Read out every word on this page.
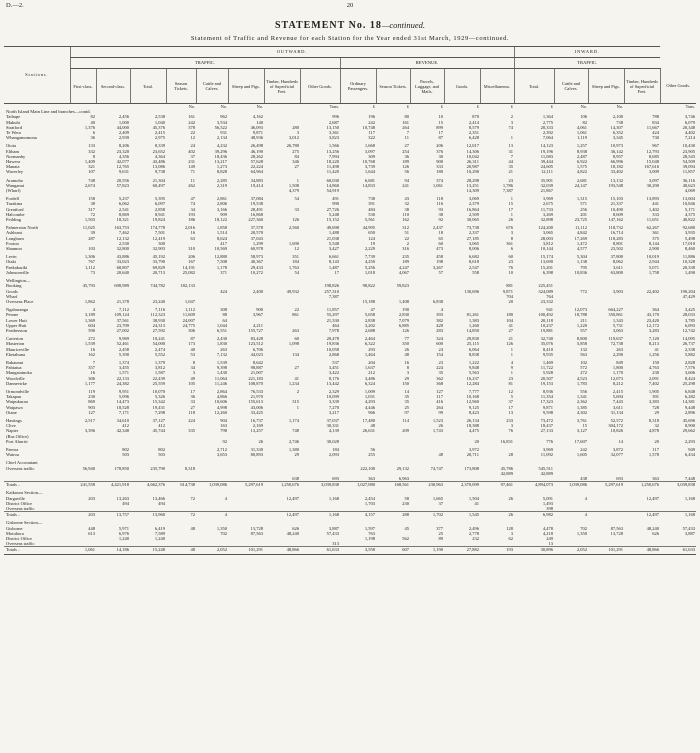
D.—2.	20
STATEMENT No. 18—continued.
Statement of Traffic and Revenue for each Station for the Year ended 31st March, 1929—continued.
Stations.	OUTWARD.													INWARD.				
	TRAFFIC.								REVENUE.					TRAFFIC.				
	First-class.	Second-class.	Total.	Season Tickets.	Cattle and Calves.	Sheep and Pigs.	Timber, Hundreds of Superficial Feet.	Other Goods.	Ordinary Passengers.	Season Tickets.	Parcels, Luggage, and Mails.	Goods.	Miscellaneous.	Total.	Cattle and Calves.	Sheep and Pigs.	Timber, Hundreds of Superficial Feet.	Other Goods.
				No.	No.	No.		Tons.	£	£	£	£	£	£	No.	No.		Tons.
North Island Main Line and branches—contd.																		
Taihape	82	2,456	2,538	161	962	4,162		996	196	80	10	870	2	1,364	106	2,100	788	3,746
Makuhi	40	1,000	1,040	242	3,534	140		2,687	242	161	15	2,414	3	2,775	82	738	834	6,079
Stratford	1,376	44,000	45,376	378	56,522	46,093	280	13,150	10,748	264	899	8,579	74	20,333	4,061	14,307	11,667	20,348
Te Wera	6	2,409	2,415	22	931	9,871	3	3,361	117	7	17	2,351		2,392	1,061	6,352	424	4,402
Whangamomona	36	2,939	2,975	12	2,134	48,936	3,012	3,823	322	11	87	6,428	1	7,064	1,119	3,345	730	7,214

Otoia	133	8,206	8,339	24	4,232	26,498	26,780	1,566	1,668	27	206	12,017	13	14,123	1,257	10,973	967	10,430
Eltham	332	23,320	23,652	402	39,296	46,190	275	13,256	3,097	254	376	14,306	31	19,196	8,938	36,142	12,793	23,905
Normanby	8	4,356	4,364	37	18,436	28,262	84	7,994	309	36	30	10,042	7	11,083	2,487	8,957	8,685	28,543
Hawera	1,409	42,077	43,486	231	13,217	57,628	346	18,220	10,768	189	900	26,311	44	39,444	6,922	66,996	15,048	54,509
Manaia	321	12,765	13,086	149	1,273	22,224	27	11,498	3,739	126	333	20,987	35	24,605	1,575	18,182	167,616	39,094
Waverley	107	9,631	9,738	71	8,828	64,964		11,420	1,644	56	180	10,290	21	12,111	4,822	33,402	3,009	11,857

Aramoho	748	20,556	21,304	11	2,285	34,883	1	60,030	6,681	94	374	28,298	23	35,901	2,681	13,132	3,097	36,116
Wanganui	2,674	57,823	60,497	262	2,319	19,414	1,508	14,860	14,833	241	1,061	13,251	1,786	32,039	24,147	193,548	30,290	40,623
(Wharf)							4,379	54,919				14,309	7,387	21,867				4,069

Fordell	158	5,237	5,395	47	2,861	37,084	54	491	738	43	118	3,069	1	3,969	1,315	15,103	13,893	13,604
Turakina	38	6,062	6,097	74	2,806	19,538		990	391	32	116	2,379	15	2,675	571	21,337	441	10,846
Greatford	317	2,541	2,858	34	3,166	28,491	33	27,726	484	38	93	16,864	17	11,733	256	10,490	1,402	5,171
Halcombe	72	8,869	8,941	193	909	16,868		5,248	530	110	38	2,509	1	3,269	201	8,609	333	4,375
Feilding	1,503	18,321	19,824	186	18,122	227,360	126	15,152	5,561	162	92	30,065	26	32,898	23,725	147,162	11,651	40,822

Palmerston North	11,025	163,753	174,778	2,016	1,858	37,578	2,560	49,698	44,995	312	2,437	73,738	676	124,200	11,112	118,732	62,267	92,680
Ashhurst	39	7,462	7,501	16	1,514	20,570		1,488	650	51	18	2,337	3	3,065	4,842	16,714	361	3,935
Longburn	287	12,132	12,419	63	8,624	37,043		21,038	124	22	65	27,185	8	28,003	17,269	118,283	375	5,498
Foxton		2,530	300		417	1,299	1,690	5,548	19	2	60	3,065	361	3,812	1,472	8,801	8,144	17,010
Shannon	103	32,800	32,903	310	10,569	60,978	12	3,427	2,229	316	473	8,006	6	10,144	4,577	23,502	2,900	8,460

Levin	1,306	43,886	45,192	206	12,880	58,973	351	6,661	7,739	235	458	6,682	60	15,174	5,304	37,800	10,019	11,886
Otaki	767	33,023	33,790	167	7,508	40,367	184	8,143	4,250	189	198	8,618	23	13,690	1,138	8,062	2,944	10,328
Paekakariki	1,112	68,807	69,829	14,191	1,178	29,433	1,763	1,487	5,256	4,247	3,267	2,547	76	15,201	795	3,611	5,071	20,338
Johnsonville	73	20,640	20,713	25,082	371	10,272	54	17	1,018	4,067	57	558	10	6,398	10,836	63,800	1,758	1,490

Wellington—																		
Booking	45,793	698,989	744,782	182,133				198,826	98,822	59,823			881	225,451				
Goods					424	2,400	49,932	257,310				130,696	9,871	324,089	772	3,903	22,402	190,204
Wharf								7,387					704	764				47,429
Overseas Place	1,862	21,378	23,240	1,047					15,188	1,408	6,838		20	23,332				

Ngahuranga	4	7,112	7,116	1,112	308	900	22	11,857	47	190	4			941	12,073	664,227	364	3,425
Petone	3,189	109,124	112,323	11,609	88	3,967	861	55,297	5,658	2,830	393	81,261	180	100,492	18,788	350,861	43,170	28,033
Lower Hutt	1,369	37,561	38,930	24,007	64			21,330	2,838	7,079	382	1,383	104	20,118	211	1,343	23,420	3,785
Upper Hutt	604	23,709	24,313	24,775	1,044	4,211		464	3,202	6,885	428	1,260	41	10,237	1,220	5,731	12,172	6,093
Featherston	590	27,002	27,592	306	6,551	155,727	263	7,978	2,688	126	283	14,850	27	19,881	557	3,063	3,283	12,742

Carterton	272	9,969	10,241	87	2,430	83,428	60	20,478	2,464	77	324	29,830	21	32,740	8,800	119,637	7,120	14,095
Masterton	1,539	52,461	54,000	173	1,830	123,512	1,098	19,836	6,322	350	600	25,115	126	35,076	5,858	72,738	8,213	26,737
Mauriceville	16	2,458	2,474	40	263	6,706		10,058	293	26	24	6,064	1	8,410	132	263	41	2,338
Eketahuna	162	5,390	5,552	53	7,132	44,023	134	2,868	1,464	48	154	8,838	1	9,935	563	2,290	1,256	5,882

Rakaunui	7	1,374	1,379	8	1,539	8,642		537	204	16	23	1,222	4	1,469	102	849	150	2,828
Pahiatua	357	3,455	3,812	34	9,398	98,887	27	3,451	1,637	8	224	9,848	9	11,722	572	1,800	4,763	7,576
Mangatainoka	16	1,571	1,587	3	1,430	21,007		3,422	212	3	35	5,563	1	5,928	272	1,170	230	3,606
Woodville	306	22,133	22,439	49	11,064	221,183	41	8,176	3,486	29	362	16,237	23	20,507	4,523	12,073	2,091	8,424
Dannevirke	1,177	24,382	25,559	105	11,246	108,870	1,234	13,442	6,324	150	368	12,284	81	19,153	1,783	8,212	7,402	25,298

Ormondville	119	9,951	10,070	17	2,864	76,533	2	2,329	1,009	14	127	7,777	12	8,936	556	2,415	1,905	6,848
Takapau	230	5,096	5,326	36	4,866	21,970		10,099	1,031	35	117	10,168	5	11,354	1,341	5,694	391	6,282
Waipukurau	869	14,473	15,342	33	10,606	155,613	315	3,339	4,293	35	416	12,960	37	17,323	2,362	7,443	3,383	14,381
Waipawa	903	18,528	19,431	27	4,998	43,006	1	7,270	4,446	25	264	9,125	17	9,871	1,385	3,611	728	9,448
Otane	127	7,171	7,298	118	12,260	33,425		3,217	966	97	99	8,423	13	9,598	4,302	31,134	29	2,896

Hastings	2,517	34,610	37,127	224	904	16,737	1,174	37,037	17,480	114	1,523	26,134	233	73,472	3,761	52,572	8,318	45,696
Clive		412	412		163	2,169		30,331	48		26	18,388	3	18,437	15	304,172	32	8,900
Napier	3,396	42,348	45,744	335	798	13,257	748	4,139	26,631	209	1,743	4,475	76	27,133	3,127	10,826	4,878	29,662
(Bus Office)																		
Port Ahuriri					92	26	2,746	30,028				20	16,831	776	17,607	14	20	2,293

Paeroa		802	802		2,712	31,330	1,380	184	56			3,972		3,969	242	3,872	117	949
Wairoa		503	503		3,653	80,893	29	2,093	255		48	20,711	28	11,092	1,605	32,077	1,578	6,434

Chief Accountant																		
Overseas traffic	56,940	178,850	235,790	8,318					222,100	29,132	74,747	173,808	45,786	545,511				
													42,889	42,889				
							638	693	363	6,963					438	693	363	7,448
Totals ..	241,558	4,421,918	4,662,376	614,738	1,039,086	5,297,619	1,250,676	3,039,838	1,027,080	168,561	230,963	2,370,099	97,461	4,894,073	1,039,086	5,297,619	1,250,676	3,039,838

Kaikoura Section—																		
Dargaville	203	13,263	13,466	72	4		12,497	1,168	2,454	58	1,665	1,504	26	5,091	4		12,497	1,168
District Office		494	494						1,703	230	37	41		1,493				
Overseas traffic														398				
Totals ..	203	13,757	13,960	72	4		12,497	1,168	4,157	288	1,702	1,545	26	6,982	4		12,497	1,168

Gisborne Section—																		
Gisborne	448	5,971	6,419	48	1,350	13,728	626	3,887	1,597	45	377	2,496	128	4,478	702	87,563	48,240	57,433
Motuhora	613	6,976	7,589		702	87,563	48,240	57,433	763		25	2,778	3	4,218	1,350	13,728	626	3,887
District Office		1,240	1,240						1,198	562	89	232	62	249				
Overseas traffic								313						13				
Totals ..	1,061	14,186	15,248	48	2,052	101,291	48,866	61,633	3,558	607	1,190	27,882	193	30,896	2,052	101,291	48,866	61,633
